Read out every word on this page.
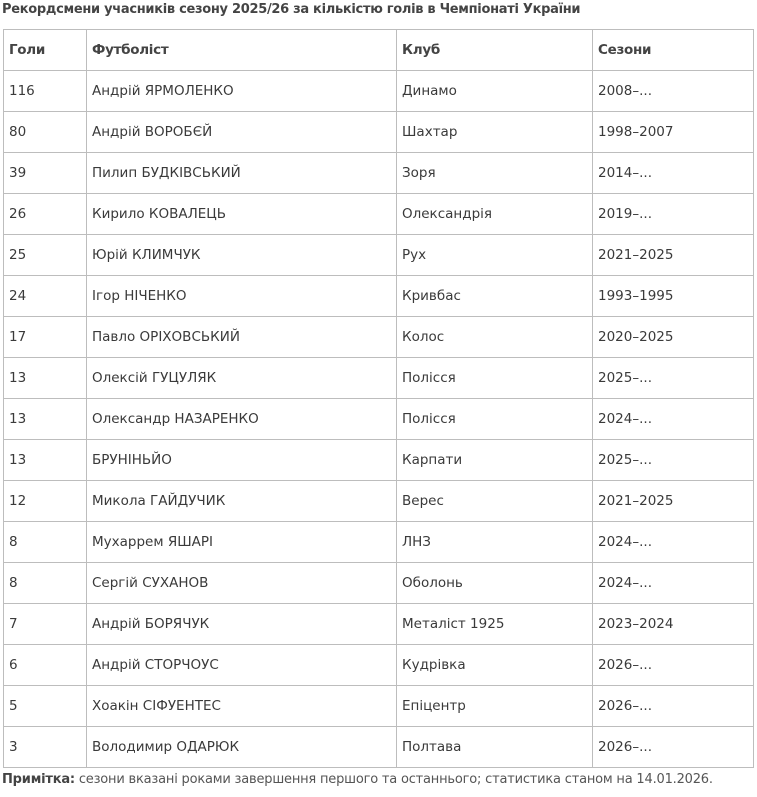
Рекордсмени учасників сезону 2025/26 за кількістю голів в Чемпіонаті України
Голи	Футболіст	Клуб	Сезони
116	Андрій ЯРМОЛЕНКО	Динамо	2008–...
80	Андрій ВОРОБЄЙ	Шахтар	1998–2007
39	Пилип БУДКІВСЬКИЙ	Зоря	2014–...
26	Кирило КОВАЛЕЦЬ	Олександрія	2019–...
25	Юрій КЛИМЧУК	Рух	2021–2025
24	Ігор НІЧЕНКО	Кривбас	1993–1995
17	Павло ОРІХОВСЬКИЙ	Колос	2020–2025
13	Олексій ГУЦУЛЯК	Полісся	2025–...
13	Олександр НАЗАРЕНКО	Полісся	2024–...
13	БРУНІНЬЙО	Карпати	2025–...
12	Микола ГАЙДУЧИК	Верес	2021–2025
8	Мухаррем ЯШАРІ	ЛНЗ	2024–...
8	Сергій СУХАНОВ	Оболонь	2024–...
7	Андрій БОРЯЧУК	Металіст 1925	2023–2024
6	Андрій СТОРЧОУС	Кудрівка	2026–...
5	Хоакін СІФУЕНТЕС	Епіцентр	2026–...
3	Володимир ОДАРЮК	Полтава	2026–...
Примітка: сезони вказані роками завершення першого та останнього; статистика станом на 14.01.2026.
